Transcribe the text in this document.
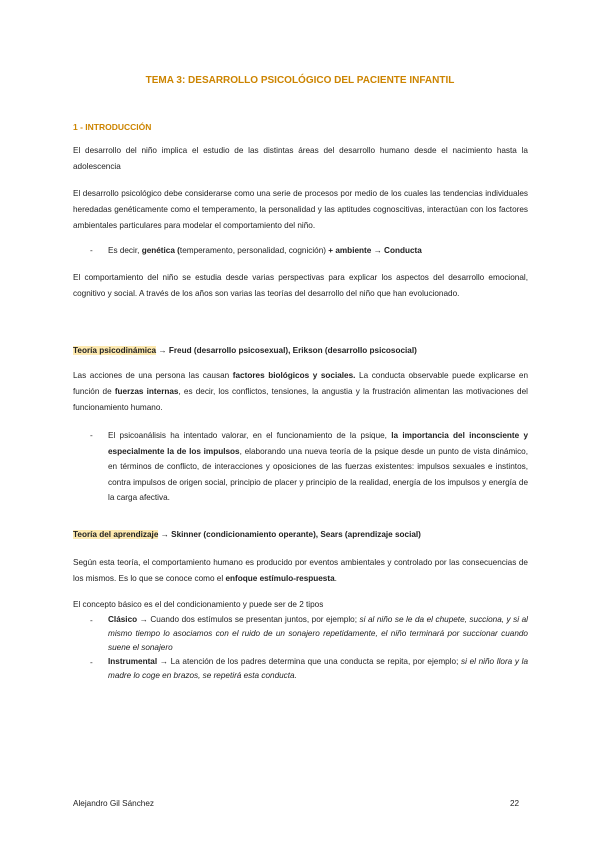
TEMA 3: DESARROLLO PSICOLÓGICO DEL PACIENTE INFANTIL
1 - INTRODUCCIÓN
El desarrollo del niño implica el estudio de las distintas áreas del desarrollo humano desde el nacimiento hasta la adolescencia
El desarrollo psicológico debe considerarse como una serie de procesos por medio de los cuales las tendencias individuales heredadas genéticamente como el temperamento, la personalidad y las aptitudes cognoscitivas, interactúan con los factores ambientales particulares para modelar el comportamiento del niño.
- Es decir, genética (temperamento, personalidad, cognición) + ambiente → Conducta
El comportamiento del niño se estudia desde varias perspectivas para explicar los aspectos del desarrollo emocional, cognitivo y social. A través de los años son varias las teorías del desarrollo del niño que han evolucionado.
Teoría psicodinámica → Freud (desarrollo psicosexual), Erikson (desarrollo psicosocial)
Las acciones de una persona las causan factores biológicos y sociales. La conducta observable puede explicarse en función de fuerzas internas, es decir, los conflictos, tensiones, la angustia y la frustración alimentan las motivaciones del funcionamiento humano.
- El psicoanálisis ha intentado valorar, en el funcionamiento de la psique, la importancia del inconsciente y especialmente la de los impulsos, elaborando una nueva teoría de la psique desde un punto de vista dinámico, en términos de conflicto, de interacciones y oposiciones de las fuerzas existentes: impulsos sexuales e instintos, contra impulsos de origen social, principio de placer y principio de la realidad, energía de los impulsos y energía de la carga afectiva.
Teoría del aprendizaje → Skinner (condicionamiento operante), Sears (aprendizaje social)
Según esta teoría, el comportamiento humano es producido por eventos ambientales y controlado por las consecuencias de los mismos. Es lo que se conoce como el enfoque estímulo-respuesta.
El concepto básico es el del condicionamiento y puede ser de 2 tipos
- Clásico → Cuando dos estímulos se presentan juntos, por ejemplo; si al niño se le da el chupete, succiona, y si al mismo tiempo lo asociamos con el ruido de un sonajero repetidamente, el niño terminará por succionar cuando suene el sonajero
- Instrumental → La atención de los padres determina que una conducta se repita, por ejemplo; si el niño llora y la madre lo coge en brazos, se repetirá esta conducta.
Alejandro Gil Sánchez	22
